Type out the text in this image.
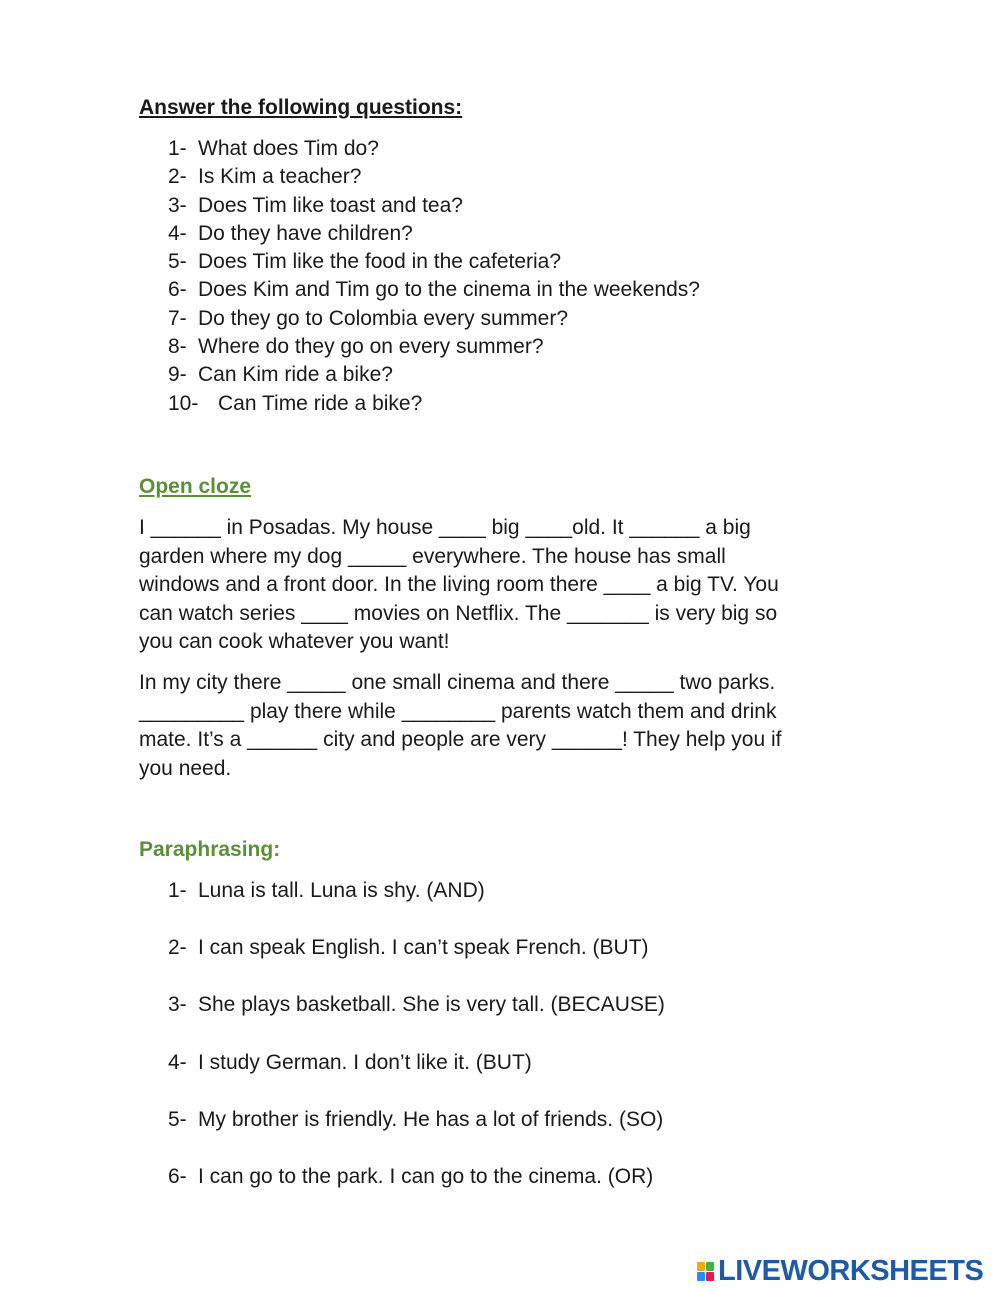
Answer the following questions:
1- What does Tim do?
2- Is Kim a teacher?
3- Does Tim like toast and tea?
4- Do they have children?
5- Does Tim like the food in the cafeteria?
6- Does Kim and Tim go to the cinema in the weekends?
7- Do they go to Colombia every summer?
8- Where do they go on every summer?
9- Can Kim ride a bike?
10- Can Time ride a bike?
Open cloze

I ______ in Posadas. My house ____ big ____old. It ______ a big
garden where my dog _____ everywhere. The house has small
windows and a front door. In the living room there ____ a big TV. You
can watch series ____ movies on Netflix. The _______ is very big so
you can cook whatever you want!

In my city there _____ one small cinema and there _____ two parks.
_________ play there while ________ parents watch them and drink
mate. It’s a ______ city and people are very ______! They help you if
you need.

Paraphrasing:
1- Luna is tall. Luna is shy. (AND)
2- I can speak English. I can’t speak French. (BUT)
3- She plays basketball. She is very tall. (BECAUSE)
4- I study German. I don’t like it. (BUT)
5- My brother is friendly. He has a lot of friends. (SO)
6- I can go to the park. I can go to the cinema. (OR)
LIVEWORKSHEETS
